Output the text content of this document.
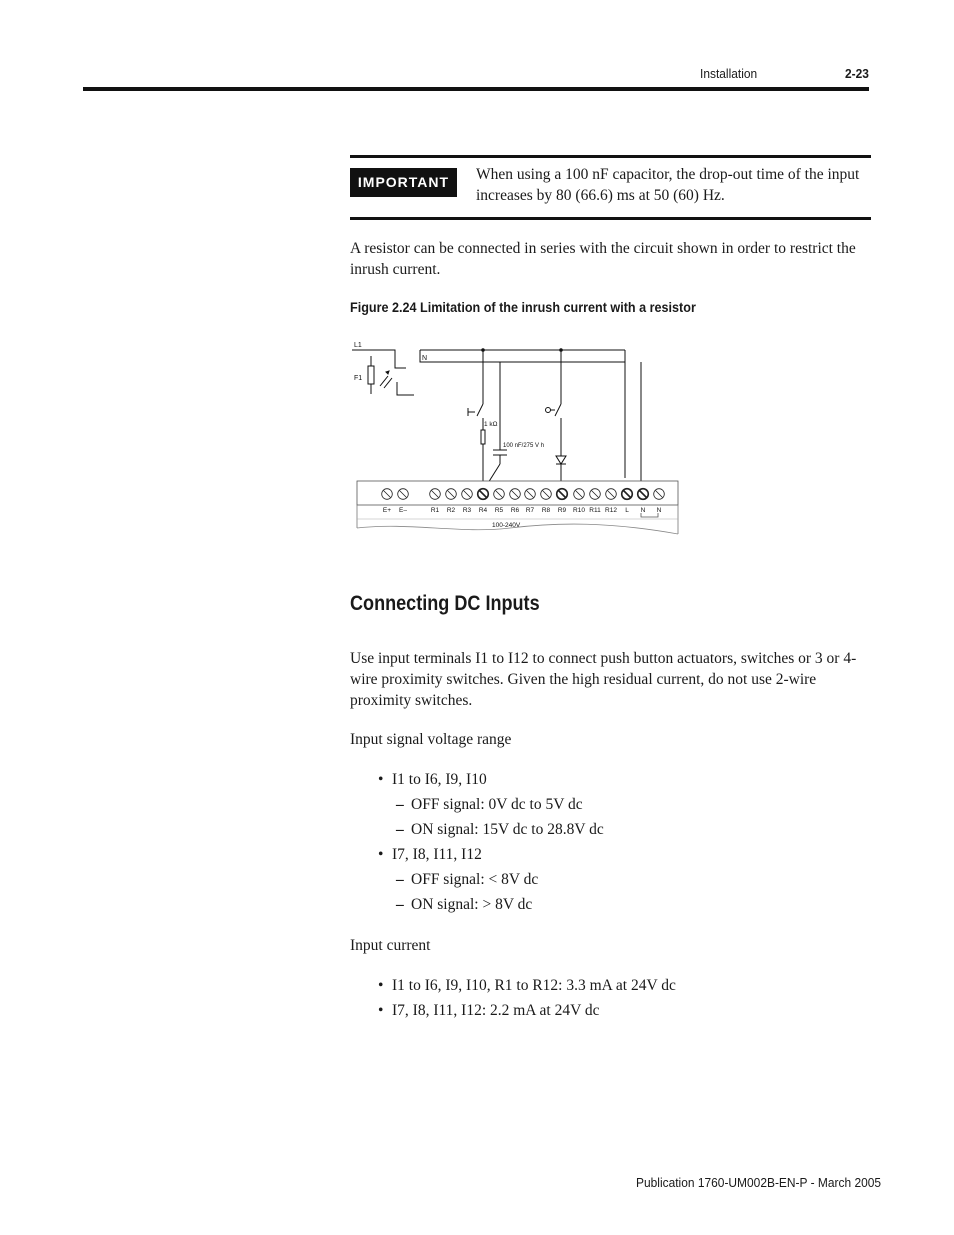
Installation	2-23
IMPORTANT	When using a 100 nF capacitor, the drop-out time of the input increases by 80 (66.6) ms at 50 (60) Hz.
A resistor can be connected in series with the circuit shown in order to restrict the inrush current.
Figure 2.24 Limitation of the inrush current with a resistor
L1
F1
N
1 kΩ
100 nF/275 V h
E+ E–	R1 R2 R3 R4 R5 R6 R7 R8 R9 R10 R11 R12 L N N
100-240V
Connecting DC Inputs
Use input terminals I1 to I12 to connect push button actuators, switches or 3 or 4-wire proximity switches. Given the high residual current, do not use 2-wire proximity switches.
Input signal voltage range
• I1 to I6, I9, I10
– OFF signal: 0V dc to 5V dc
– ON signal: 15V dc to 28.8V dc
• I7, I8, I11, I12
– OFF signal: < 8V dc
– ON signal: > 8V dc
Input current
• I1 to I6, I9, I10, R1 to R12: 3.3 mA at 24V dc
• I7, I8, I11, I12: 2.2 mA at 24V dc
Publication 1760-UM002B-EN-P - March 2005
